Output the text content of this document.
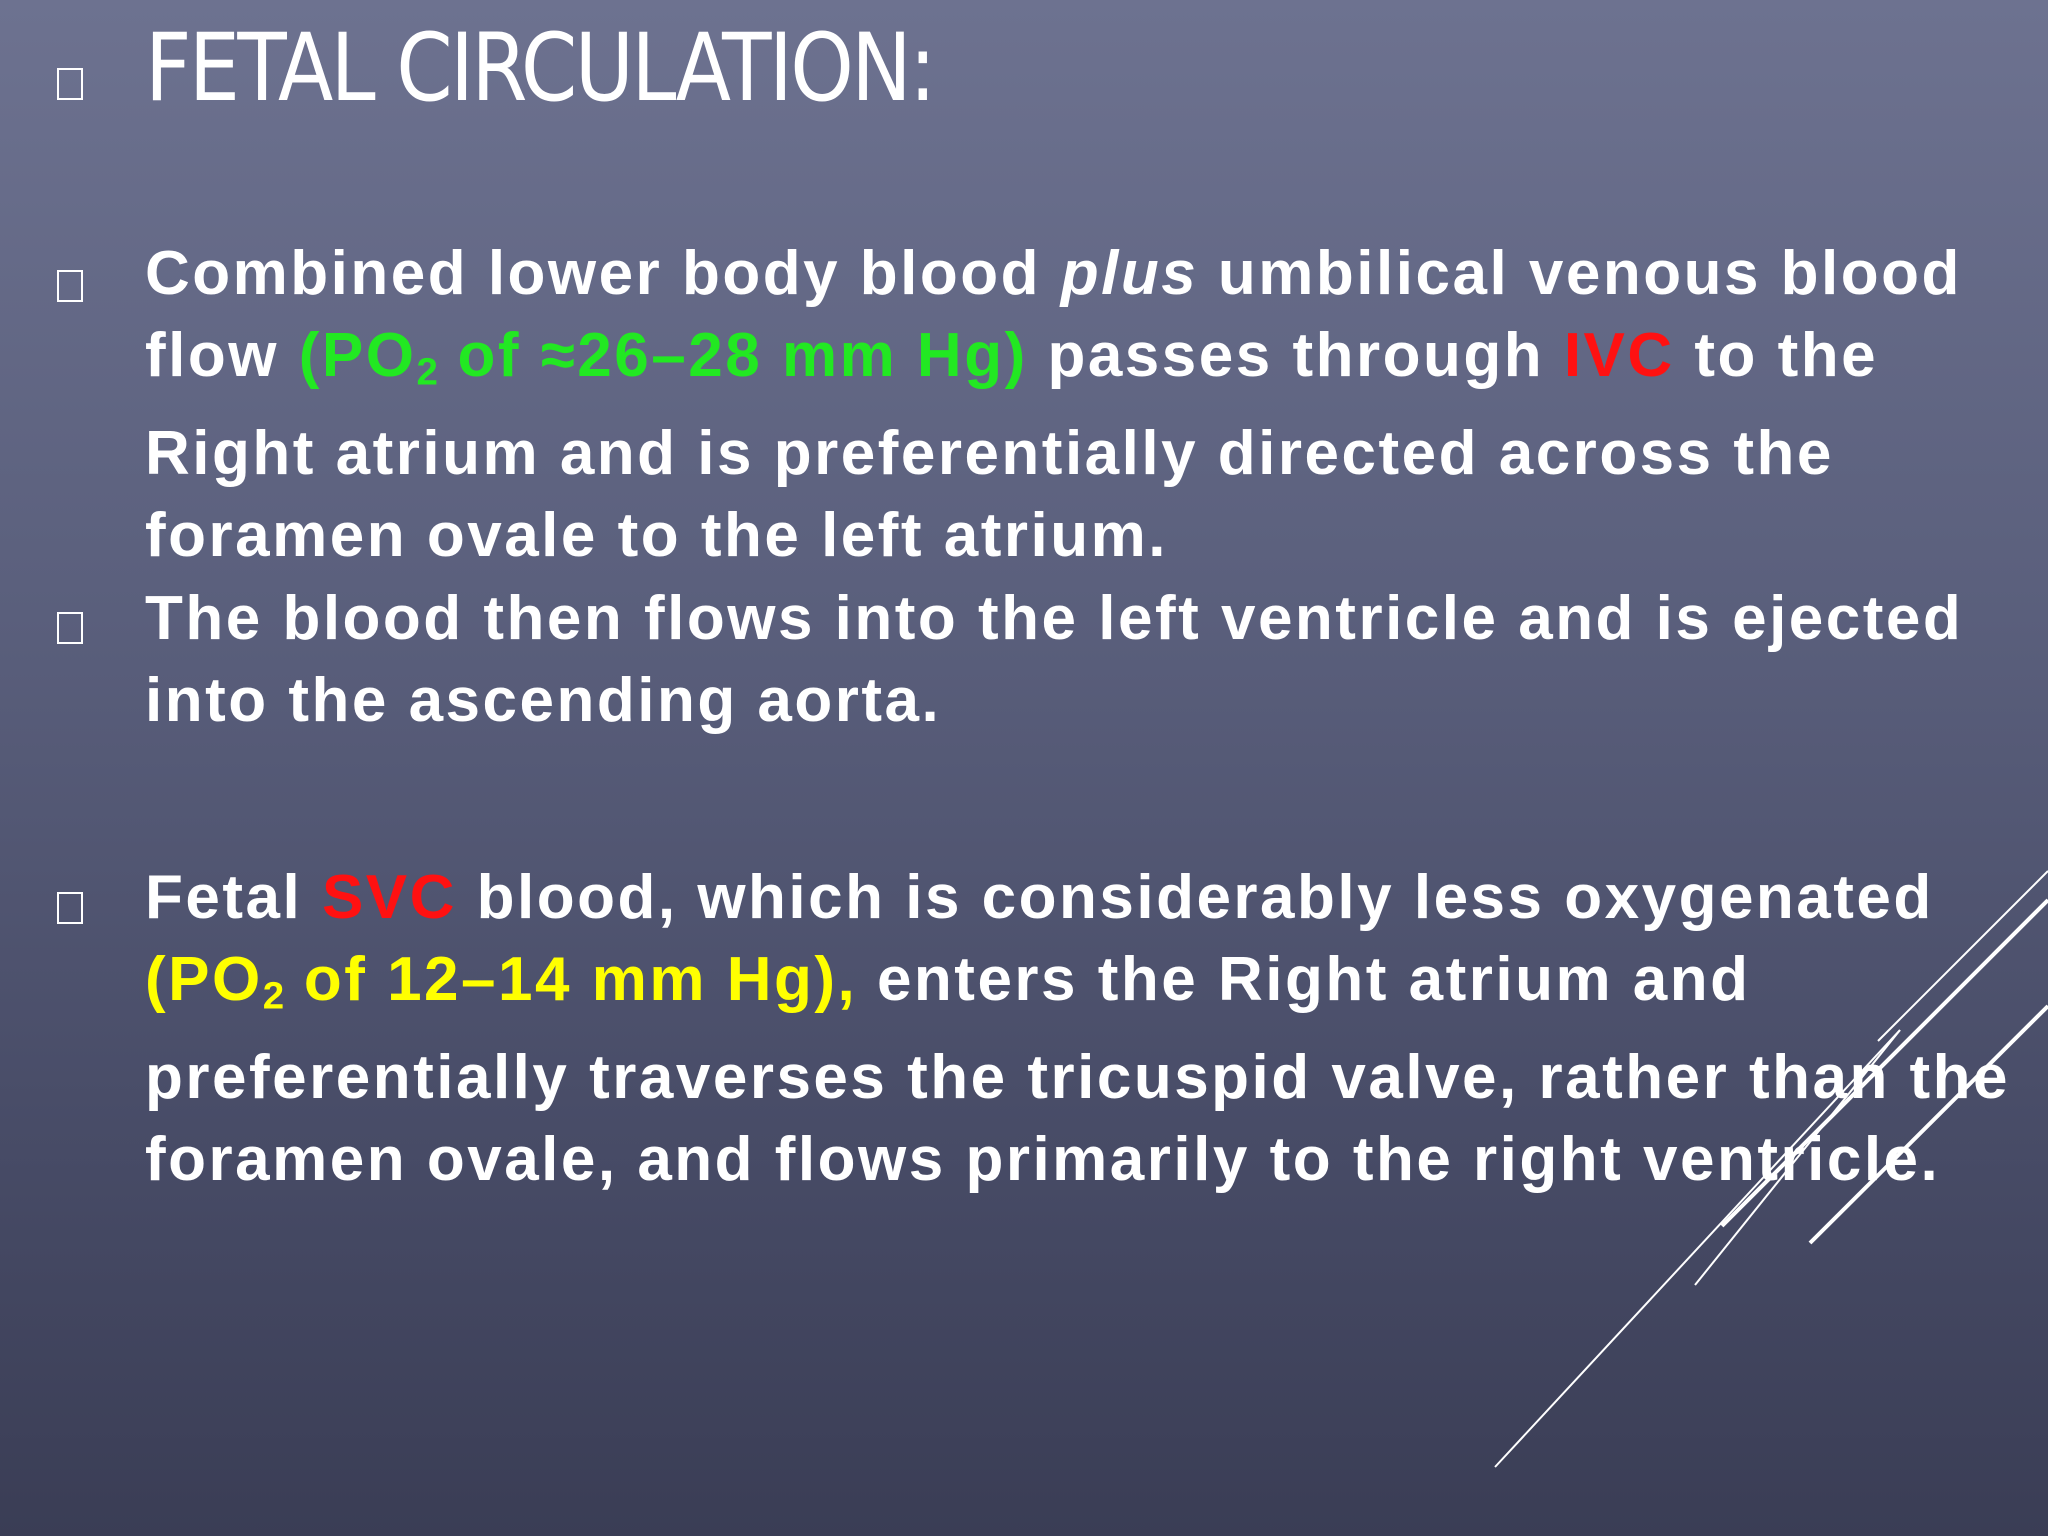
FETAL CIRCULATION:

Combined lower body blood plus umbilical venous blood flow ($PO_2$ of ≈26–28 mm Hg) passes through IVC to the Right atrium and is preferentially directed across the foramen ovale to the left atrium.

The blood then flows into the left ventricle and is ejected into the ascending aorta.

Fetal SVC blood, which is considerably less oxygenated ($PO_2$ of 12–14 mm Hg), enters the Right atrium and preferentially traverses the tricuspid valve, rather than the foramen ovale, and flows primarily to the right ventricle.
